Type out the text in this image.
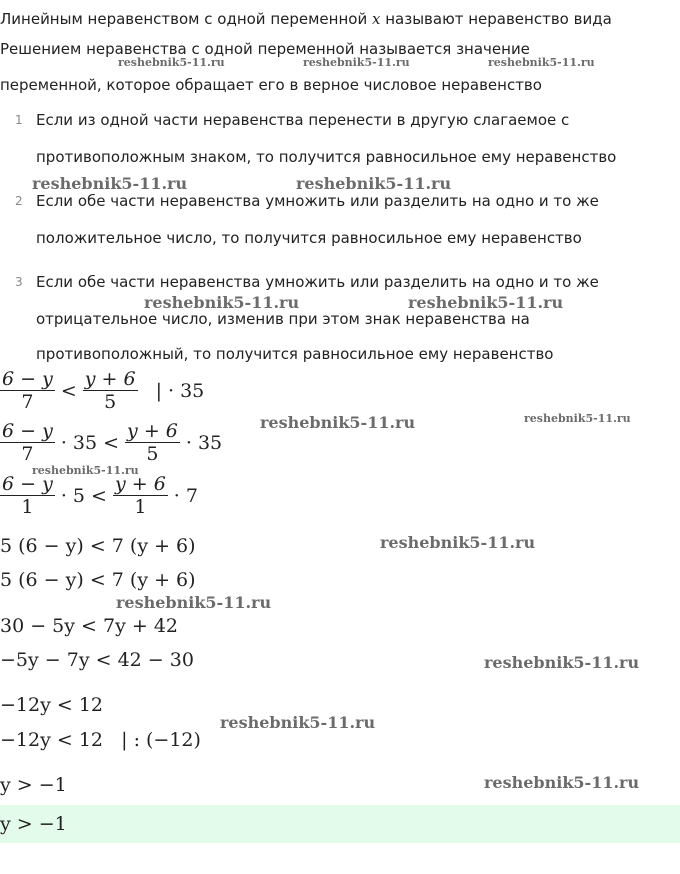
Линейным неравенством с одной переменной x называют неравенство вида
Решением неравенства с одной переменной называется значение
переменной, которое обращает его в верное числовое неравенство
1 Если из одной части неравенства перенести в другую слагаемое с
противоположным знаком, то получится равносильное ему неравенство
2 Если обе части неравенства умножить или разделить на одно и то же
положительное число, то получится равносильное ему неравенство
3 Если обе части неравенства умножить или разделить на одно и то же
отрицательное число, изменив при этом знак неравенства на
противоположный, то получится равносильное ему неравенство
6 − y
7
<
y + 6
5
| · 35
6 − y
7
· 35 <
y + 6
5
· 35
6 − y
1
· 5 <
y + 6
1
· 7
5 (6 − y) < 7 (y + 6)
5 (6 − y) < 7 (y + 6)
30 − 5y < 7y + 42
−5y − 7y < 42 − 30
−12y < 12
−12y < 12   | : (−12)
y > −1
y > −1
reshebnik5-11.ru	reshebnik5-11.ru	reshebnik5-11.ru
reshebnik5-11.ru	reshebnik5-11.ru
reshebnik5-11.ru	reshebnik5-11.ru
reshebnik5-11.ru	reshebnik5-11.ru
reshebnik5-11.ru
reshebnik5-11.ru
reshebnik5-11.ru
reshebnik5-11.ru
reshebnik5-11.ru
reshebnik5-11.ru
